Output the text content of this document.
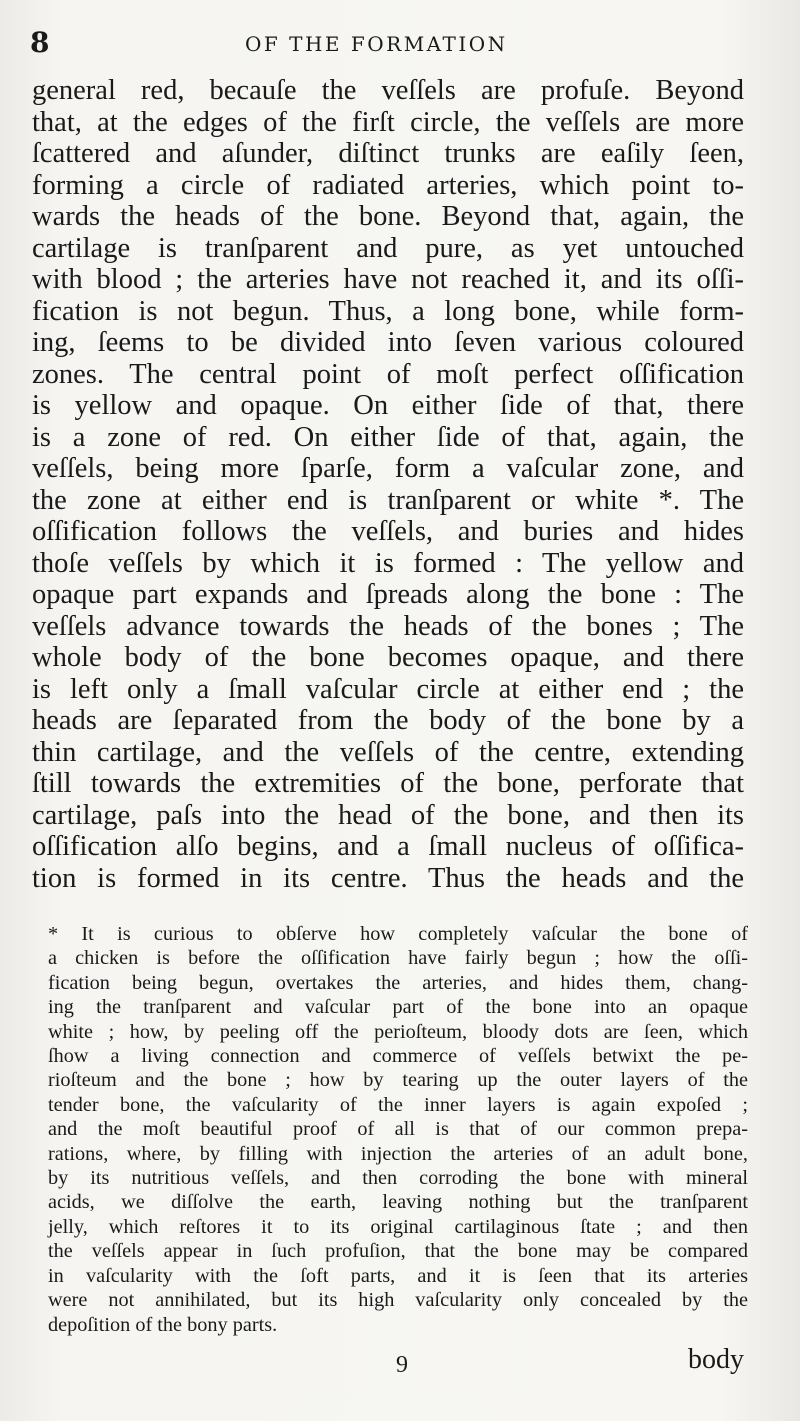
8	OF THE FORMATION
general red, becauſe the veſſels are profuſe. Beyond
that, at the edges of the firſt circle, the veſſels are more
ſcattered and aſunder, diſtinct trunks are eaſily ſeen,
forming a circle of radiated arteries, which point to-
wards the heads of the bone. Beyond that, again, the
cartilage is tranſparent and pure, as yet untouched
with blood ; the arteries have not reached it, and its oſſi-
fication is not begun. Thus, a long bone, while form-
ing, ſeems to be divided into ſeven various coloured
zones. The central point of moſt perfect oſſification
is yellow and opaque. On either ſide of that, there
is a zone of red. On either ſide of that, again, the
veſſels, being more ſparſe, form a vaſcular zone, and
the zone at either end is tranſparent or white *. The
oſſification follows the veſſels, and buries and hides
thoſe veſſels by which it is formed : The yellow and
opaque part expands and ſpreads along the bone : The
veſſels advance towards the heads of the bones ; The
whole body of the bone becomes opaque, and there
is left only a ſmall vaſcular circle at either end ; the
heads are ſeparated from the body of the bone by a
thin cartilage, and the veſſels of the centre, extending
ſtill towards the extremities of the bone, perforate that
cartilage, paſs into the head of the bone, and then its
oſſification alſo begins, and a ſmall nucleus of oſſifica-
tion is formed in its centre. Thus the heads and the
* It is curious to obſerve how completely vaſcular the bone of
a chicken is before the oſſification have fairly begun ; how the oſſi-
fication being begun, overtakes the arteries, and hides them, chang-
ing the tranſparent and vaſcular part of the bone into an opaque
white ; how, by peeling off the perioſteum, bloody dots are ſeen, which
ſhow a living connection and commerce of veſſels betwixt the pe-
rioſteum and the bone ; how by tearing up the outer layers of the
tender bone, the vaſcularity of the inner layers is again expoſed ;
and the moſt beautiful proof of all is that of our common prepa-
rations, where, by filling with injection the arteries of an adult bone,
by its nutritious veſſels, and then corroding the bone with mineral
acids, we diſſolve the earth, leaving nothing but the tranſparent
jelly, which reſtores it to its original cartilaginous ſtate ; and then
the veſſels appear in ſuch profuſion, that the bone may be compared
in vaſcularity with the ſoft parts, and it is ſeen that its arteries
were not annihilated, but its high vaſcularity only concealed by the
depoſition of the bony parts.
9	body
